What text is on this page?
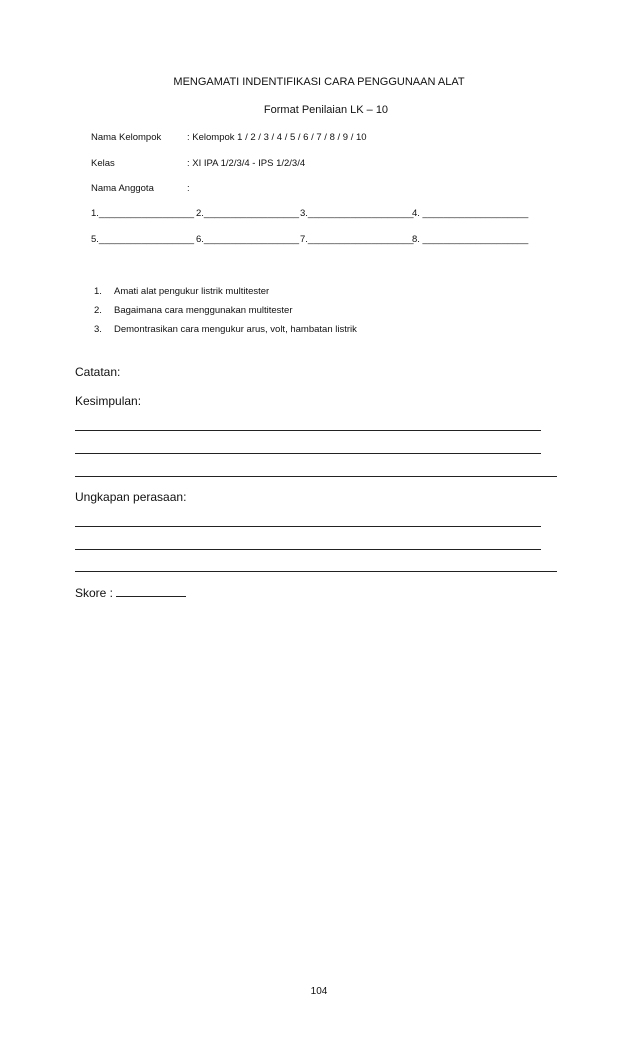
MENGAMATI INDENTIFIKASI CARA PENGGUNAAN ALAT
Format Penilaian LK – 10
Nama Kelompok	: Kelompok 1 / 2 / 3 / 4 / 5 / 6 / 7 / 8 / 9 / 10
Kelas	: XI IPA 1/2/3/4 - IPS 1/2/3/4
Nama Anggota	:
1.__________________ 2.__________________ 3.____________________
4. ____________________
5.__________________ 6.__________________ 7.____________________
8. ____________________
1. Amati alat pengukur listrik multitester
2. Bagaimana cara menggunakan multitester
3. Demontrasikan cara mengukur arus, volt, hambatan listrik
Catatan:
Kesimpulan:
Ungkapan perasaan:
Skore :
104
